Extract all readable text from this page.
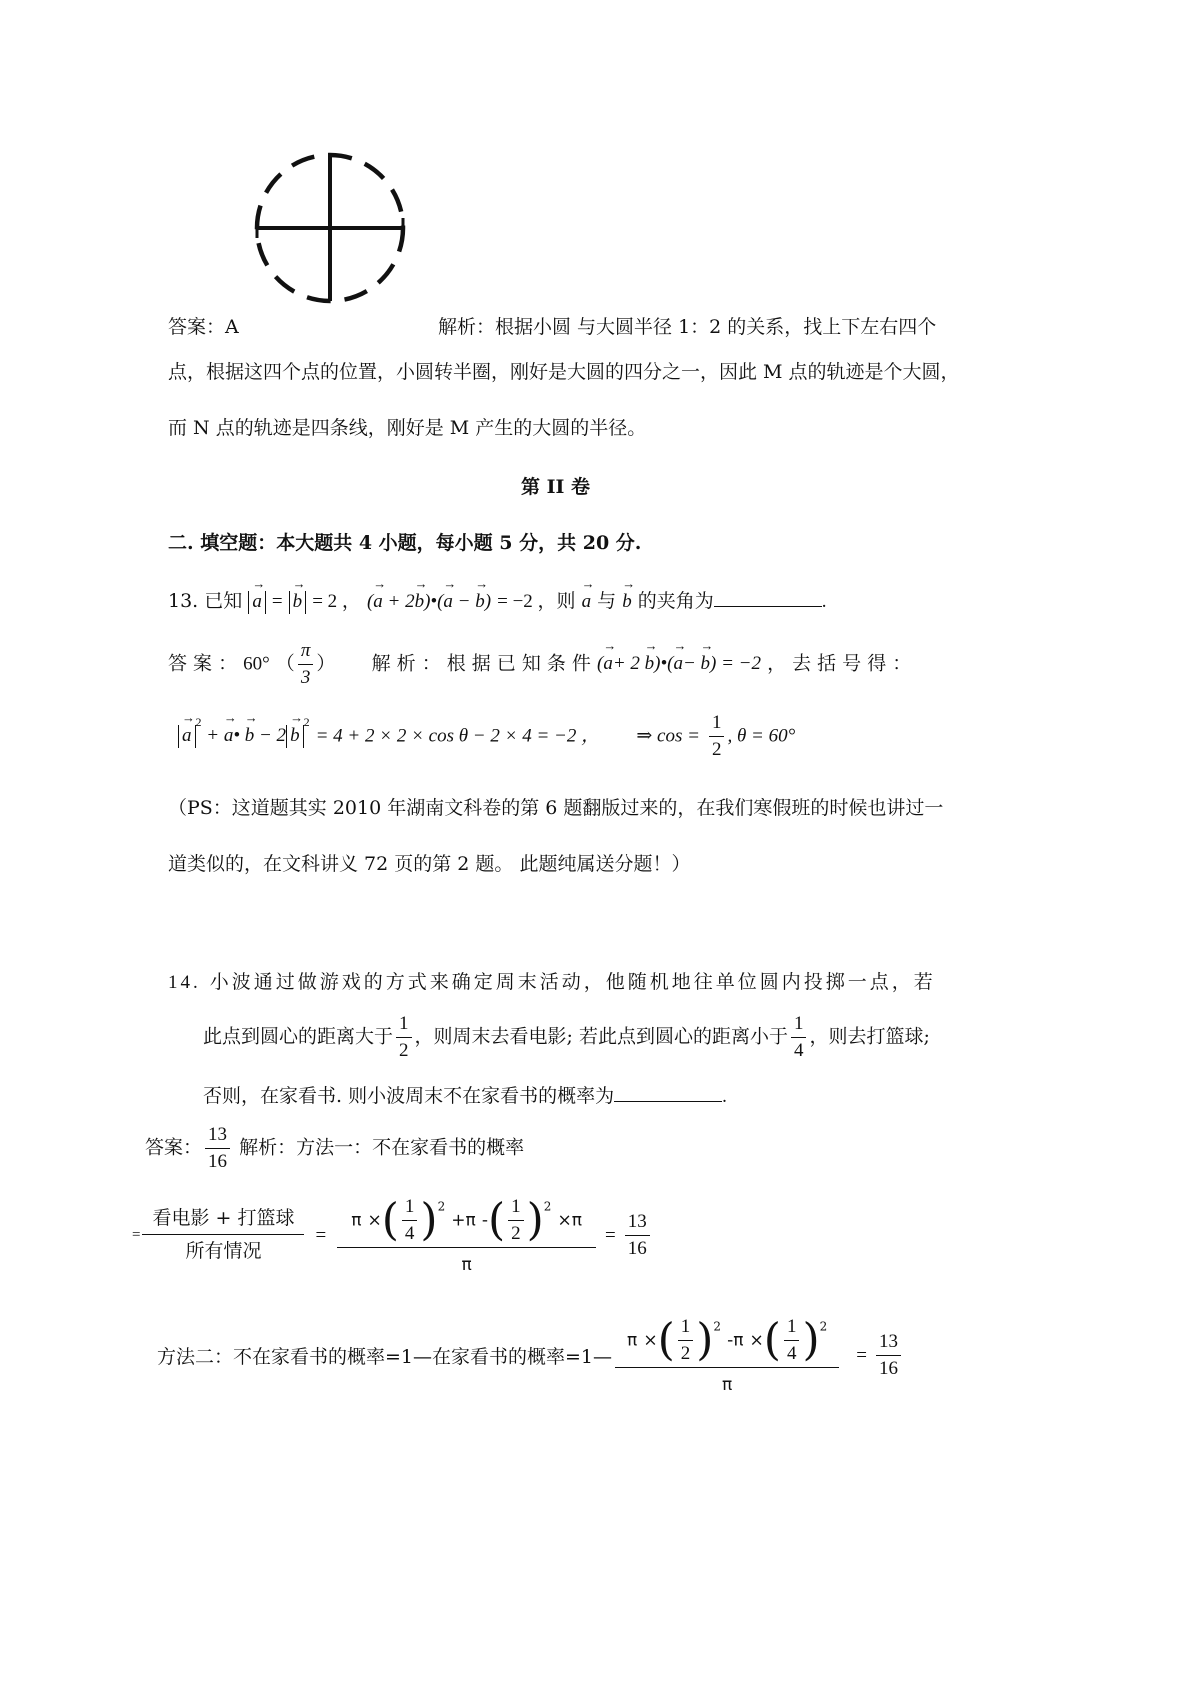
答案：A	解析：根据小圆 与大圆半径 1：2 的关系，找上下左右四个
点，根据这四个点的位置，小圆转半圈，刚好是大圆的四分之一，因此 M 点的轨迹是个大圆，
而 N 点的轨迹是四条线，刚好是 M 产生的大圆的半径。
第 II 卷
二. 填空题：本大题共 4 小题，每小题 5 分，共 20 分.
13. 已知 → a = → b = 2 ， (→ a + 2→ b)•(→ a − → b) = −2 ，则 → a 与 → b 的夹角为	.
答 案 ： 60° （ $\frac{\pi}{3}$ ） 解 析 ： 根 据 已 知 条 件 (→ a+ 2 → b)•(→ a− → b) = −2 ， 去 括 号 得 ：
→ $a^2$ + → a• → $b - 2 \to b^2 = 4 + 2 \times 2 \times \cos \theta - 2 \times 4 = -2$ ， ⇒ $\cos = \frac{1}{2}$ , θ = 60°
（PS：这道题其实 2010 年湖南文科卷的第 6 题翻版过来的，在我们寒假班的时候也讲过一
道类似的，在文科讲义 72 页的第 2 题。 此题纯属送分题！）
14. 小波通过做游戏的方式来确定周末活动，他随机地往单位圆内投掷一点，若
此点到圆心的距离大于 $\frac{1}{2}$ ，则周末去看电影; 若此点到圆心的距离小于 $\frac{1}{4}$ ，则去打篮球;
否则，在家看书. 则小波周末不在家看书的概率为	.
答案： $\frac{13}{16}$ 解析：方法一：不在家看书的概率
= $\frac{\text{看电影 + 打篮球}}{\text{所有情况}} = \frac{\pi \times( \frac{1}{4} )^2 +\pi -( \frac{1}{2} )^2 \times\pi}{\pi} = \frac{13}{16}$
方法二：不在家看书的概率=1—在家看书的概率=1— $\frac{\pi \times( \frac{1}{2} )^2 -\pi \times( \frac{1}{4} )^2}{\pi} = \frac{13}{16}$
